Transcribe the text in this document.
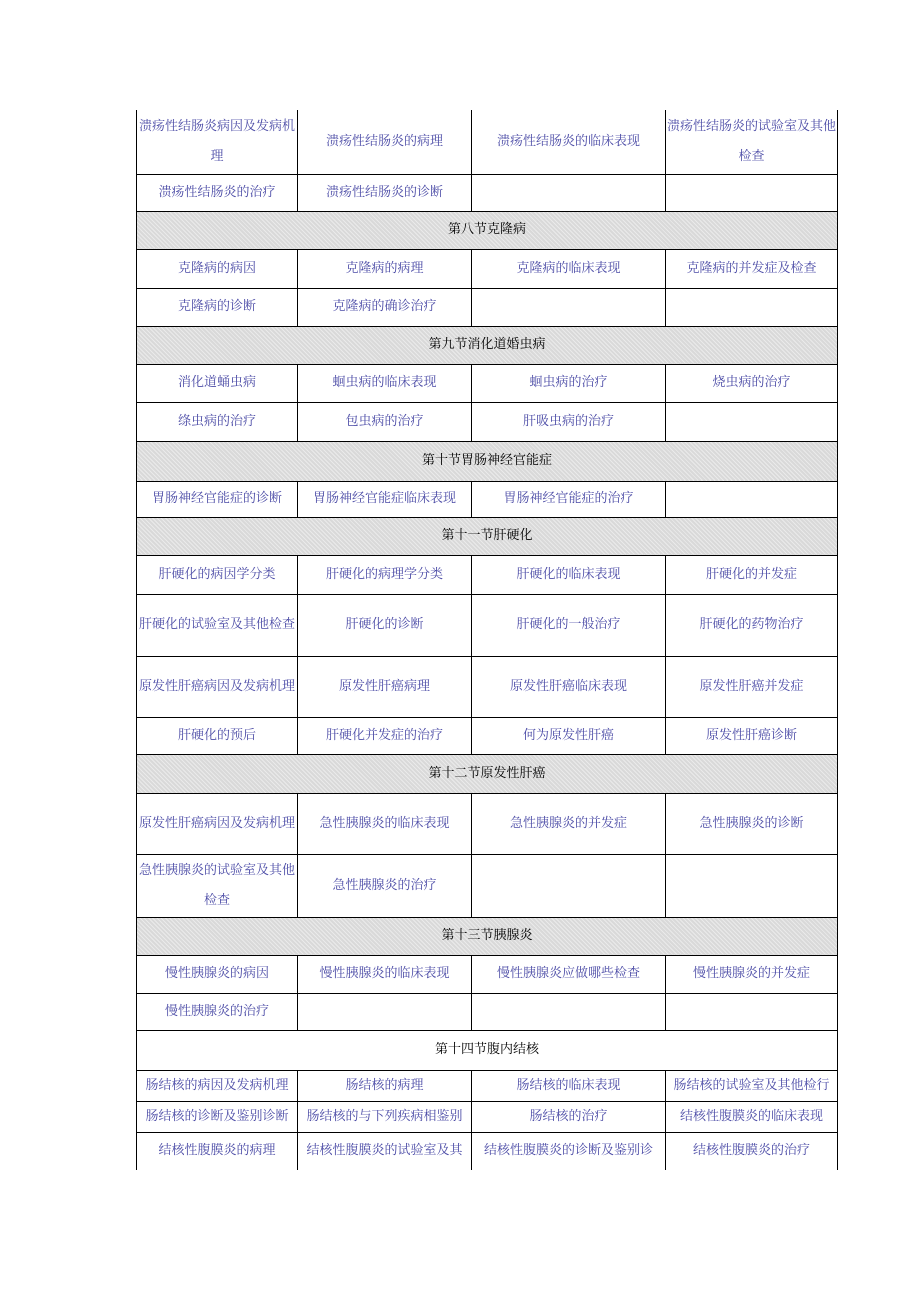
溃疡性结肠炎病因及发病机理	溃疡性结肠炎的病理	溃疡性结肠炎的临床表现	溃疡性结肠炎的试验室及其他检查
溃疡性结肠炎的治疗	溃疡性结肠炎的诊断		
第八节克隆病			
克隆病的病因	克隆病的病理	克隆病的临床表现	克隆病的并发症及检查
克隆病的诊断	克隆病的确诊治疗		
第九节消化道婚虫病			
消化道蛹虫病	蛔虫病的临床表现	蛔虫病的治疗	烧虫病的治疗
绦虫病的治疗	包虫病的治疗	肝吸虫病的治疗	
第十节胃肠神经官能症			
胃肠神经官能症的诊断	胃肠神经官能症临床表现	胃肠神经官能症的治疗	
第十一节肝硬化			
肝硬化的病因学分类	肝硬化的病理学分类	肝硬化的临床表现	肝硬化的并发症
肝硬化的试验室及其他检查	肝硬化的诊断	肝硬化的一般治疗	肝硬化的药物治疗
原发性肝癌病因及发病机理	原发性肝癌病理	原发性肝癌临床表现	原发性肝癌并发症
肝硬化的预后	肝硬化并发症的治疗	何为原发性肝癌	原发性肝癌诊断
第十二节原发性肝癌			
原发性肝癌病因及发病机理	急性胰腺炎的临床表现	急性胰腺炎的并发症	急性胰腺炎的诊断
急性胰腺炎的试验室及其他检查	急性胰腺炎的治疗		
第十三节胰腺炎			
慢性胰腺炎的病因	慢性胰腺炎的临床表现	慢性胰腺炎应做哪些检查	慢性胰腺炎的并发症
慢性胰腺炎的治疗			
第十四节腹内结核			
肠结核的病因及发病机理	肠结核的病理	肠结核的临床表现	肠结核的试验室及其他检行
肠结核的诊断及鉴别诊断	肠结核的与下列疾病相鉴别	肠结核的治疗	结核性腹膜炎的临床表现
结核性腹膜炎的病理	结核性腹膜炎的试验室及其	结核性腹膜炎的诊断及鉴别诊	结核性腹膜炎的治疗
